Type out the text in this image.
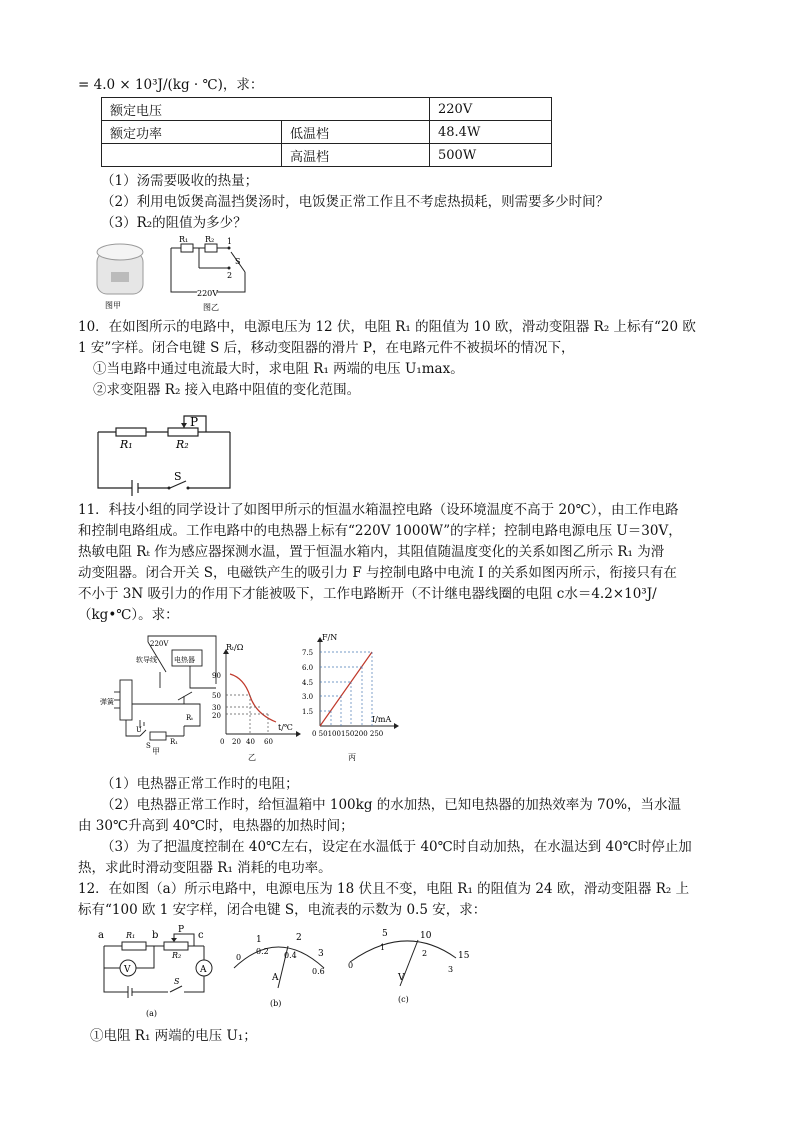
= 4.0 × 10³J/(kg · ℃)，求：
额定电压		220V
额定功率	低温档	48.4W
	高温档	500W
（1）汤需要吸收的热量；
（2）利用电饭煲高温挡煲汤时，电饭煲正常工作且不考虑热损耗，则需要多少时间？
（3）R₂的阻值为多少？
图甲
R₁ R₂ 1
S
2
220V
图乙
10．在如图所示的电路中，电源电压为 12 伏，电阻 R₁ 的阻值为 10 欧，滑动变阻器 R₂ 上标有“20 欧
1 安”字样。闭合电键 S 后，移动变阻器的滑片 P，在电路元件不被损坏的情况下，
①当电路中通过电流最大时，求电阻 R₁ 两端的电压 U₁max。
②求变阻器 R₂ 接入电路中阻值的变化范围。
P
R₁	R₂
S
11．科技小组的同学设计了如图甲所示的恒温水箱温控电路（设环境温度不高于 20℃），由工作电路
和控制电路组成。工作电路中的电热器上标有“220V 1000W”的字样；控制电路电源电压 U＝30V，
热敏电阻 Rₜ 作为感应器探测水温，置于恒温水箱内，其阻值随温度变化的关系如图乙所示 R₁ 为滑
动变阻器。闭合开关 S，电磁铁产生的吸引力 F 与控制电路中电流 I 的关系如图丙所示，衔接只有在
不小于 3N 吸引力的作用下才能被吸下，工作电路断开（不计继电器线圈的电阻 c水＝4.2×10³J/
（kg•℃）。求：
220V
软导线 电热器
弹簧
U
S	R₁
Rₜ
甲
Rₜ/Ω
t/℃
90
50
30
20
0 20 40 60
乙
F/N
I/mA
7.5
6.0
4.5
3.0
1.5
0 50100150200 250
丙
（1）电热器正常工作时的电阻；
（2）电热器正常工作时，给恒温箱中 100kg 的水加热，已知电热器的加热效率为 70%，当水温
由 30℃升高到 40℃时，电热器的加热时间；
（3）为了把温度控制在 40℃左右，设定在水温低于 40℃时自动加热，在水温达到 40℃时停止加
热，求此时滑动变阻器 R₁ 消耗的电功率。
12．在如图（a）所示电路中，电源电压为 18 伏且不变，电阻 R₁ 的阻值为 24 欧，滑动变阻器 R₂ 上
标有“100 欧 1 安字样，闭合电键 S，电流表的示数为 0.5 安，求：
a	b	c
P
R₁
R₂
V	A
S
(a)
1	2
3
0
0.2 0.4
0.6
A
(b)
5	10
15
0
1
2
3
V
(c)
①电阻 R₁ 两端的电压 U₁；
